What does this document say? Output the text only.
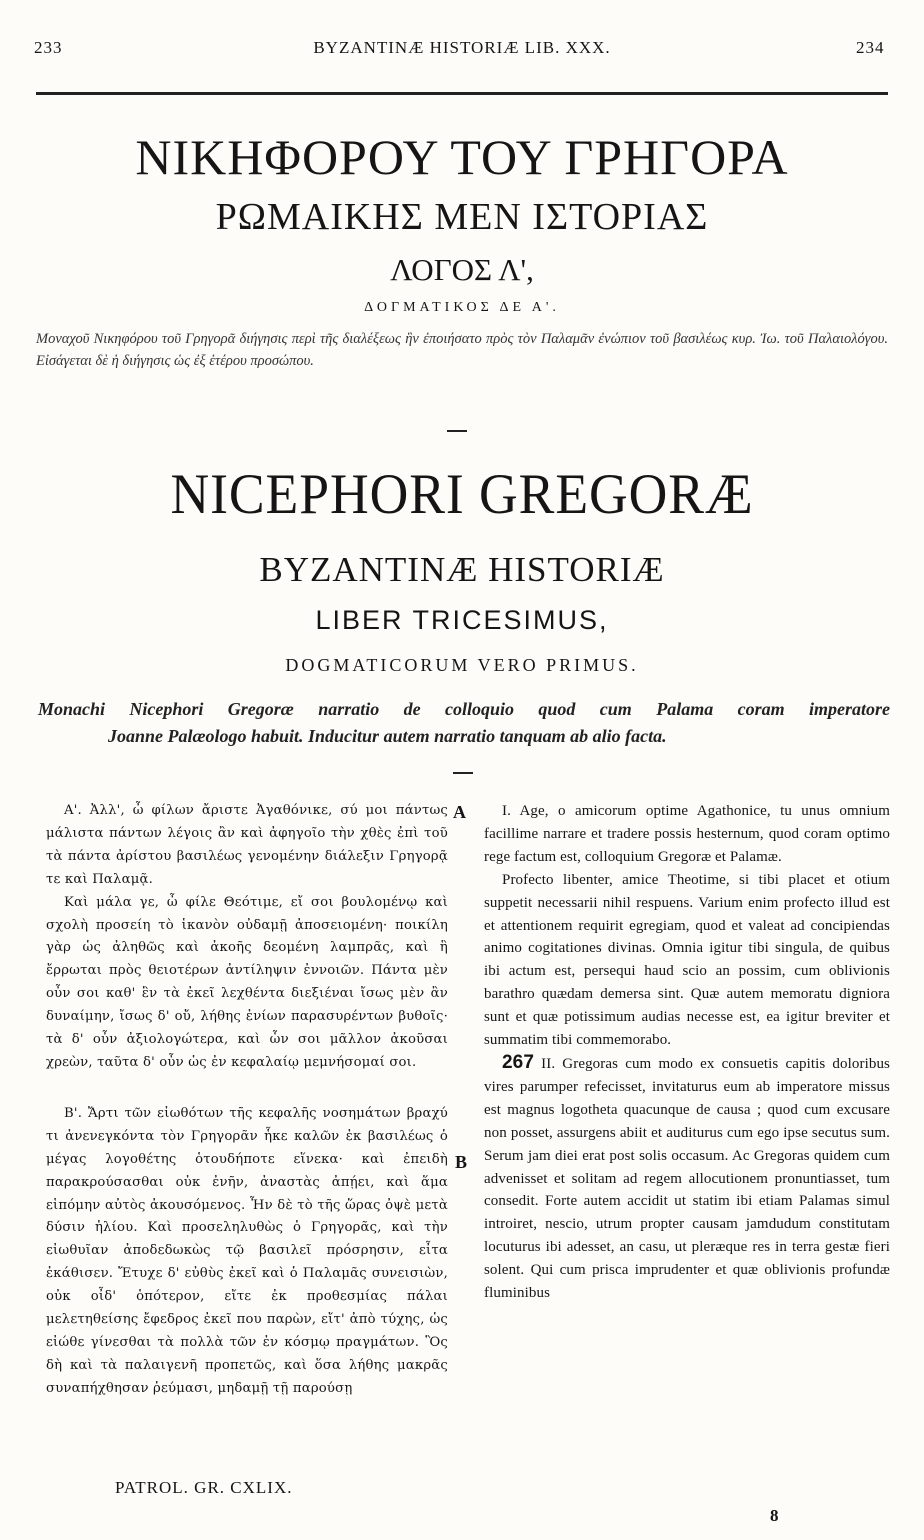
233	BYZANTINÆ HISTORIÆ LIB. XXX.	234
ΝΙΚΗΦΟΡΟΥ ΤΟΥ ΓΡΗΓΟΡΑ
ΡΩΜΑΙΚΗΣ ΜΕΝ ΙΣΤΟΡΙΑΣ
ΛΟΓΟΣ Λ',
ΔΟΓΜΑΤΙΚΟΣ ΔΕ Α'.
Μοναχοῦ Νικηφόρου τοῦ Γρηγορᾶ διήγησις περὶ τῆς διαλέξεως ἣν ἐποιήσατο πρὸς τὸν Παλαμᾶν ἐνώπιον τοῦ βασιλέως κυρ. Ἰω. τοῦ Παλαιολόγου. Εἰσάγεται δὲ ἡ διήγησις ὡς ἐξ ἑτέρου προσώπου.
NICEPHORI GREGORÆ
BYZANTINÆ HISTORIÆ
LIBER TRICESIMUS,
DOGMATICORUM VERO PRIMUS.
Monachi Nicephori Gregoræ narratio de colloquio quod cum Palama coram imperatore
Joanne Palæologo habuit. Inducitur autem narratio tanquam ab alio facta.

Α'. Ἀλλ', ὦ φίλων ἄριστε Ἀγαθόνικε, σύ μοι πάντως μάλιστα πάντων λέγοις ἂν καὶ ἀφηγοῖο τὴν χθὲς ἐπὶ τοῦ τὰ πάντα ἀρίστου βασιλέως γενομένην διάλεξιν Γρηγορᾷ τε καὶ Παλαμᾷ.

Καὶ μάλα γε, ὦ φίλε Θεότιμε, εἴ σοι βουλομένῳ καὶ σχολὴ προσείη τὸ ἱκανὸν οὐδαμῇ ἀποσειομένη· ποικίλη γὰρ ὡς ἀληθῶς καὶ ἀκοῆς δεομένη λαμπρᾶς, καὶ ἣ ἔρρωται πρὸς θειοτέρων ἀντίληψιν ἐννοιῶν. Πάντα μὲν οὖν σοι καθ' ἓν τὰ ἐκεῖ λεχθέντα διεξιέναι ἴσως μὲν ἂν δυναίμην, ἴσως δ' οὔ, λήθης ἐνίων παρασυρέντων βυθοῖς· τὰ δ' οὖν ἀξιολογώτερα, καὶ ὧν σοι μᾶλλον ἀκοῦσαι χρεὼν, ταῦτα δ' οὖν ὡς ἐν κεφαλαίῳ μεμνήσομαί σοι.

Β'. Ἄρτι τῶν εἰωθότων τῆς κεφαλῆς νοσημάτων βραχύ τι ἀνενεγκόντα τὸν Γρηγορᾶν ἧκε καλῶν ἐκ βασιλέως ὁ μέγας λογοθέτης ὁτουδήποτε εἵνεκα· καὶ ἐπειδὴ παρακρούσασθαι οὐκ ἐνῆν, ἀναστὰς ἀπῄει, καὶ ἅμα εἱπόμην αὐτὸς ἀκουσόμενος. Ἦν δὲ τὸ τῆς ὥρας ὀψὲ μετὰ δύσιν ἡλίου. Καὶ προσεληλυθὼς ὁ Γρηγορᾶς, καὶ τὴν εἰωθυῖαν ἀποδεδωκὼς τῷ βασιλεῖ πρόσρησιν, εἶτα ἐκάθισεν. Ἔτυχε δ' εὐθὺς ἐκεῖ καὶ ὁ Παλαμᾶς συνεισιὼν, οὐκ οἶδ' ὁπότερον, εἴτε ἐκ προθεσμίας πάλαι μελετηθείσης ἔφεδρος ἐκεῖ που παρὼν, εἴτ' ἀπὸ τύχης, ὡς εἰώθε γίνεσθαι τὰ πολλὰ τῶν ἐν κόσμῳ πραγμάτων. Ὃς δὴ καὶ τὰ παλαιγενῆ προπετῶς, καὶ ὅσα λήθης μακρᾶς συναπήχθησαν ῥεύμασι, μηδαμῇ τῇ παρούσῃ

A
B

I. Age, o amicorum optime Agathonice, tu unus omnium facillime narrare et tradere possis hesternum, quod coram optimo rege factum est, colloquium Gregoræ et Palamæ.

Profecto libenter, amice Theotime, si tibi placet et otium suppetit necessarii nihil respuens. Varium enim profecto illud est et attentionem requirit egregiam, quod et valeat ad concipiendas animo cogitationes divinas. Omnia igitur tibi singula, de quibus ibi actum est, persequi haud scio an possim, cum oblivionis barathro quædam demersa sint. Quæ autem memoratu digniora sunt et quæ potissimum audias necesse est, ea igitur breviter et summatim tibi commemorabo.

267 II. Gregoras cum modo ex consuetis capitis doloribus vires parumper refecisset, invitaturus eum ab imperatore missus est magnus logotheta quacunque de causa ; quod cum excusare non posset, assurgens abiit et auditurus cum ego ipse secutus sum. Serum jam diei erat post solis occasum. Ac Gregoras quidem cum advenisset et solitam ad regem allocutionem pronuntiasset, tum consedit. Forte autem accidit ut statim ibi etiam Palamas simul introiret, nescio, utrum propter causam jamdudum constitutam locuturus ibi adesset, an casu, ut pleræque res in terra gestæ fieri solent. Qui cum prisca imprudenter et quæ oblivionis profundæ fluminibus

PATROL. GR. CXLIX.
8
